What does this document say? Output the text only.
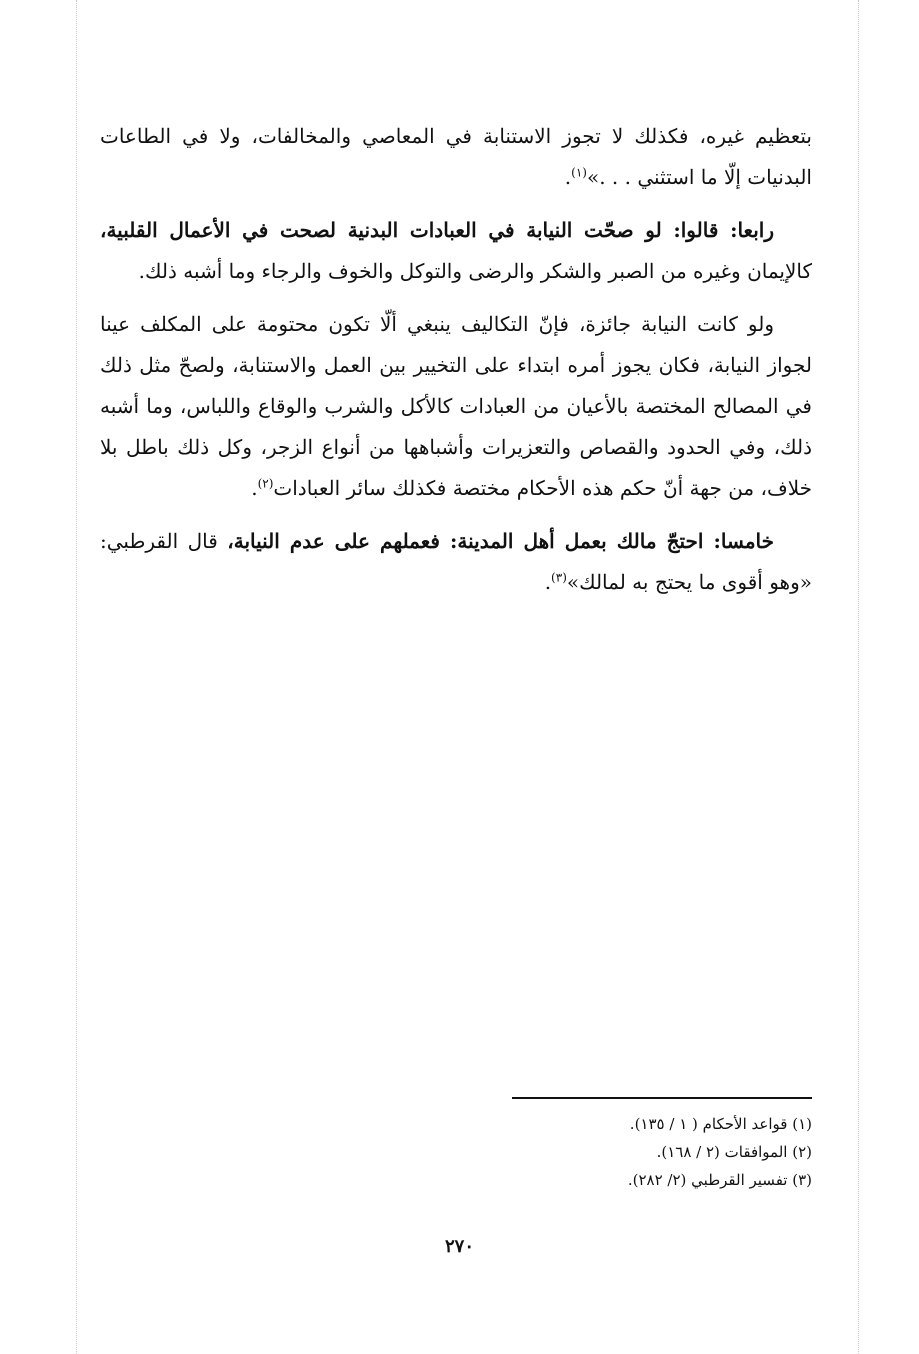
بتعظيم غيره، فكذلك لا تجوز الاستنابة في المعاصي والمخالفات، ولا في الطاعات البدنيات إلّا ما استثني . . .»$^{(١)}$.

رابعا: قالوا: لو صحّت النيابة في العبادات البدنية لصحت في الأعمال القلبية، كالإيمان وغيره من الصبر والشكر والرضى والتوكل والخوف والرجاء وما أشبه ذلك.

ولو كانت النيابة جائزة، فإنّ التكاليف ينبغي ألّا تكون محتومة على المكلف عينا لجواز النيابة، فكان يجوز أمره ابتداء على التخيير بين العمل والاستنابة، ولصحّ مثل ذلك في المصالح المختصة بالأعيان من العبادات كالأكل والشرب والوقاع واللباس، وما أشبه ذلك، وفي الحدود والقصاص والتعزيرات وأشباهها من أنواع الزجر، وكل ذلك باطل بلا خلاف، من جهة أنّ حكم هذه الأحكام مختصة فكذلك سائر العبادات$^{(٢)}$.

خامسا: احتجّ مالك بعمل أهل المدينة: فعملهم على عدم النيابة، قال القرطبي: «وهو أقوى ما يحتج به لمالك»$^{(٣)}$.

(١) قواعد الأحكام ( ١ / ١٣٥).
(٢) الموافقات (٢ / ١٦٨).
(٣) تفسير القرطبي (٢/ ٢٨٢).
٢٧٠
